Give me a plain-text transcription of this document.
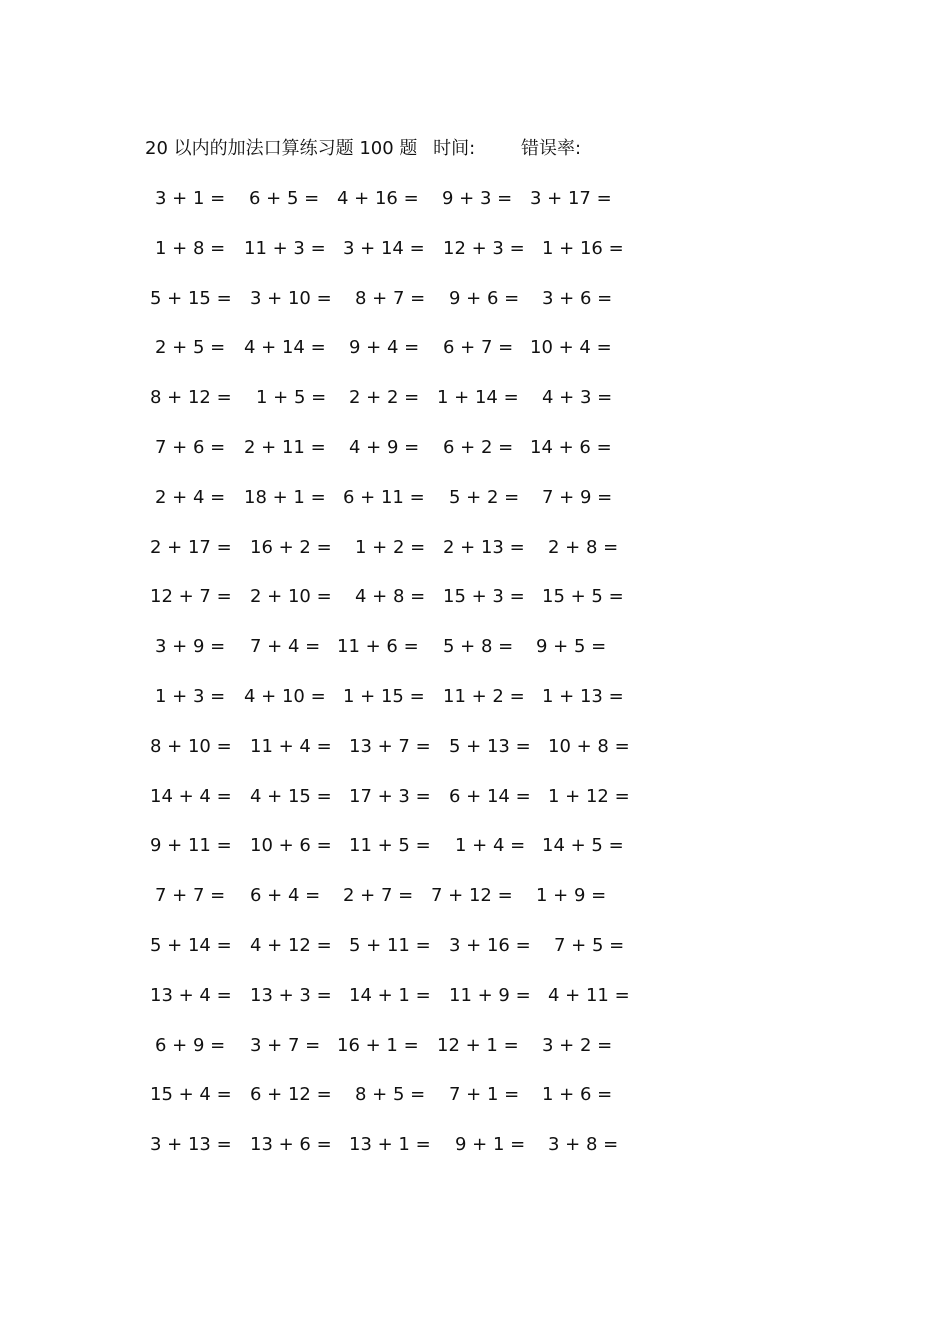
20 以内的加法口算练习题 100 题 时间:	错误率:
3 + 1 = 6 + 5 = 4 + 16 = 9 + 3 = 3 + 17 =
1 + 8 = 11 + 3 = 3 + 14 = 12 + 3 = 1 + 16 =
5 + 15 = 3 + 10 = 8 + 7 = 9 + 6 = 3 + 6 =
2 + 5 = 4 + 14 = 9 + 4 = 6 + 7 = 10 + 4 =
8 + 12 = 1 + 5 = 2 + 2 = 1 + 14 = 4 + 3 =
7 + 6 = 2 + 11 = 4 + 9 = 6 + 2 = 14 + 6 =
2 + 4 = 18 + 1 = 6 + 11 = 5 + 2 = 7 + 9 =
2 + 17 = 16 + 2 = 1 + 2 = 2 + 13 = 2 + 8 =
12 + 7 = 2 + 10 = 4 + 8 = 15 + 3 = 15 + 5 =
3 + 9 = 7 + 4 = 11 + 6 = 5 + 8 = 9 + 5 =
1 + 3 = 4 + 10 = 1 + 15 = 11 + 2 = 1 + 13 =
8 + 10 = 11 + 4 = 13 + 7 = 5 + 13 = 10 + 8 =
14 + 4 = 4 + 15 = 17 + 3 = 6 + 14 = 1 + 12 =
9 + 11 = 10 + 6 = 11 + 5 = 1 + 4 = 14 + 5 =
7 + 7 = 6 + 4 = 2 + 7 = 7 + 12 = 1 + 9 =
5 + 14 = 4 + 12 = 5 + 11 = 3 + 16 = 7 + 5 =
13 + 4 = 13 + 3 = 14 + 1 = 11 + 9 = 4 + 11 =
6 + 9 = 3 + 7 = 16 + 1 = 12 + 1 = 3 + 2 =
15 + 4 = 6 + 12 = 8 + 5 = 7 + 1 = 1 + 6 =
3 + 13 = 13 + 6 = 13 + 1 = 9 + 1 = 3 + 8 =
